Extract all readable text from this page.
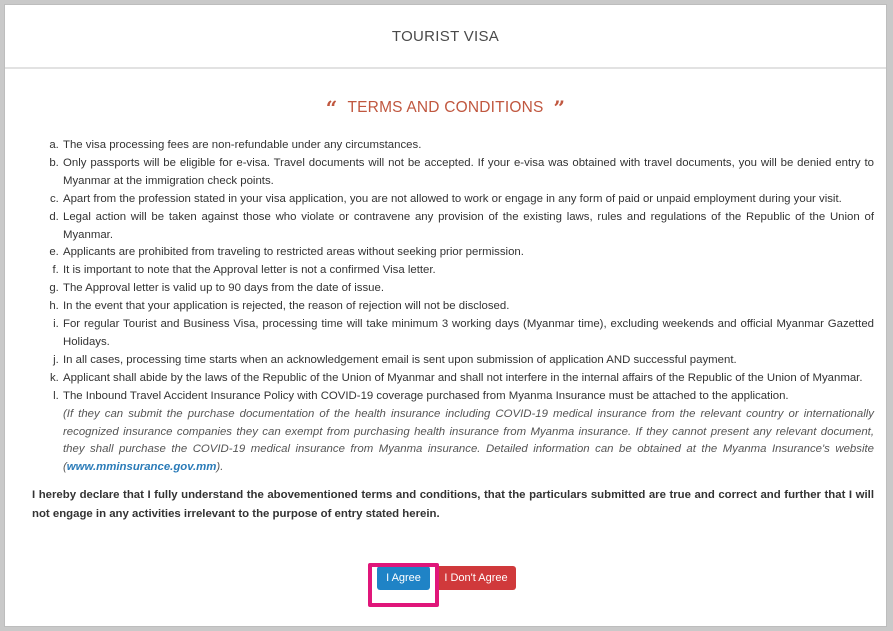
TOURIST VISA
“ TERMS AND CONDITIONS ”
a. The visa processing fees are non-refundable under any circumstances.
b. Only passports will be eligible for e-visa. Travel documents will not be accepted. If your e-visa was obtained with travel documents, you will be denied entry to Myanmar at the immigration check points.
c. Apart from the profession stated in your visa application, you are not allowed to work or engage in any form of paid or unpaid employment during your visit.
d. Legal action will be taken against those who violate or contravene any provision of the existing laws, rules and regulations of the Republic of the Union of Myanmar.
e. Applicants are prohibited from traveling to restricted areas without seeking prior permission.
f. It is important to note that the Approval letter is not a confirmed Visa letter.
g. The Approval letter is valid up to 90 days from the date of issue.
h. In the event that your application is rejected, the reason of rejection will not be disclosed.
i. For regular Tourist and Business Visa, processing time will take minimum 3 working days (Myanmar time), excluding weekends and official Myanmar Gazetted Holidays.
j. In all cases, processing time starts when an acknowledgement email is sent upon submission of application AND successful payment.
k. Applicant shall abide by the laws of the Republic of the Union of Myanmar and shall not interfere in the internal affairs of the Republic of the Union of Myanmar.
l. The Inbound Travel Accident Insurance Policy with COVID-19 coverage purchased from Myanma Insurance must be attached to the application.
(If they can submit the purchase documentation of the health insurance including COVID-19 medical insurance from the relevant country or internationally recognized insurance companies they can exempt from purchasing health insurance from Myanma insurance. If they cannot present any relevant document, they shall purchase the COVID-19 medical insurance from Myanma insurance. Detailed information can be obtained at the Myanma Insurance's website (www.mminsurance.gov.mm).
I hereby declare that I fully understand the abovementioned terms and conditions, that the particulars submitted are true and correct and further that I will not engage in any activities irrelevant to the purpose of entry stated herein.
I Agree	I Don't Agree
